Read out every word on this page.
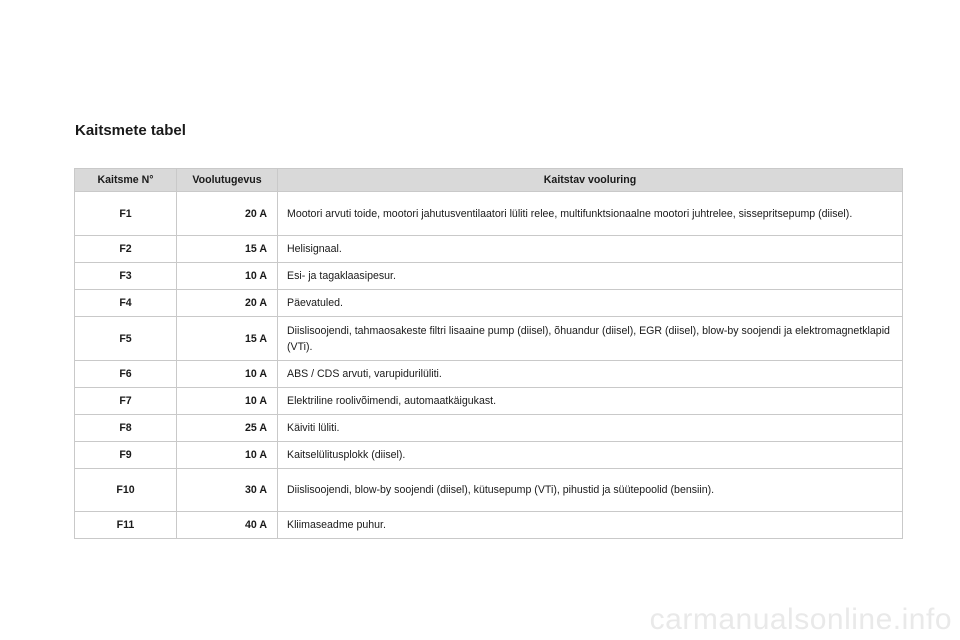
Kaitsmete tabel
Kaitsme N°	Voolutugevus	Kaitstav vooluring
F1	20 A	Mootori arvuti toide, mootori jahutusventilaatori lüliti relee, multifunktsionaalne mootori juhtrelee, sissepritsepump (diisel).
F2	15 A	Helisignaal.
F3	10 A	Esi- ja tagaklaasipesur.
F4	20 A	Päevatuled.
F5	15 A	Diislisoojendi, tahmaosakeste filtri lisaaine pump (diisel), õhuandur (diisel), EGR (diisel), blow-by soojendi ja elektromagnetklapid (VTi).
F6	10 A	ABS / CDS arvuti, varupidurilüliti.
F7	10 A	Elektriline roolivõimendi, automaatkäigukast.
F8	25 A	Käiviti lüliti.
F9	10 A	Kaitselülitusplokk (diisel).
F10	30 A	Diislisoojendi, blow-by soojendi (diisel), kütusepump (VTi), pihustid ja süütepoolid (bensiin).
F11	40 A	Kliimaseadme puhur.
carmanualsonline.info
